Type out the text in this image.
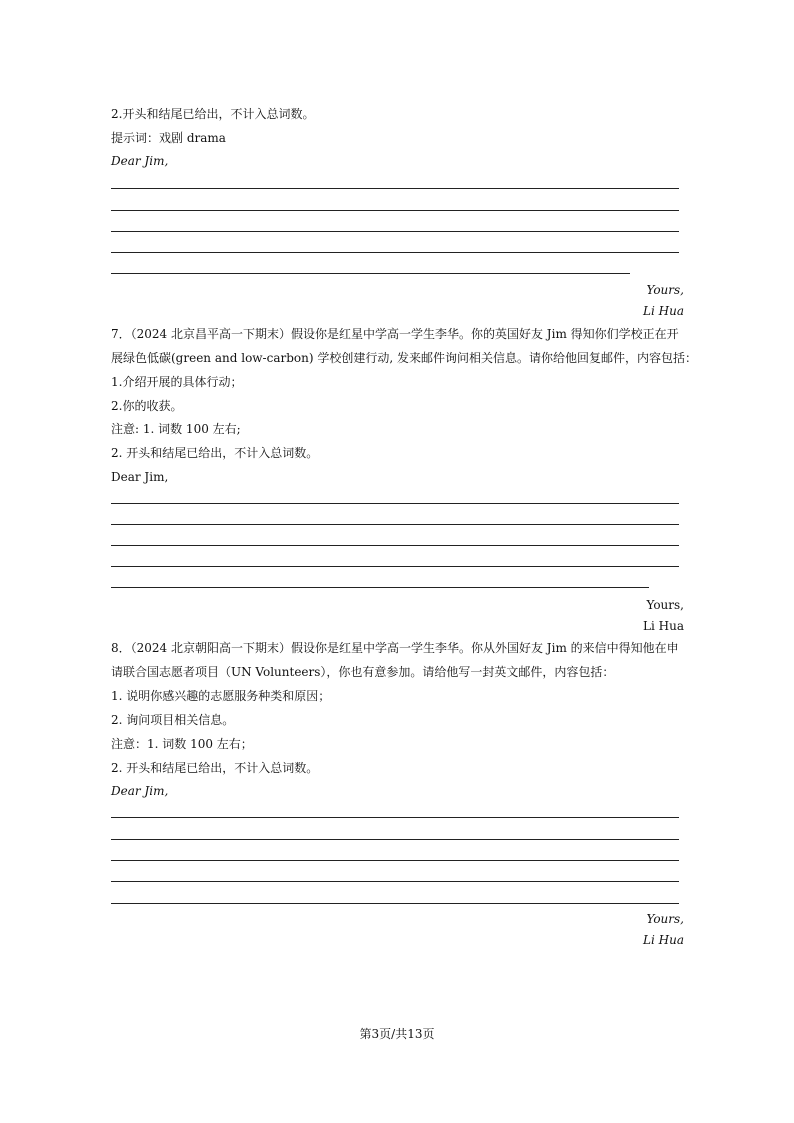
2.开头和结尾已给出，不计入总词数。
提示词：戏剧 drama
Dear Jim,
Yours,
Li Hua
7．（2024 北京昌平高一下期末）假设你是红星中学高一学生李华。你的英国好友 Jim 得知你们学校正在开
展绿色低碳(green and low-carbon) 学校创建行动, 发来邮件询问相关信息。请你给他回复邮件，内容包括：
1.介绍开展的具体行动；
2.你的收获。
注意: 1. 词数 100 左右;
2. 开头和结尾已给出，不计入总词数。
Dear Jim,
Yours,
Li Hua
8．（2024 北京朝阳高一下期末）假设你是红星中学高一学生李华。你从外国好友 Jim 的来信中得知他在申
请联合国志愿者项目（UN Volunteers），你也有意参加。请给他写一封英文邮件，内容包括：
1. 说明你感兴趣的志愿服务种类和原因；
2. 询问项目相关信息。
注意：1. 词数 100 左右；
2. 开头和结尾已给出，不计入总词数。
Dear Jim,
Yours,
Li Hua
第3页/共13页
